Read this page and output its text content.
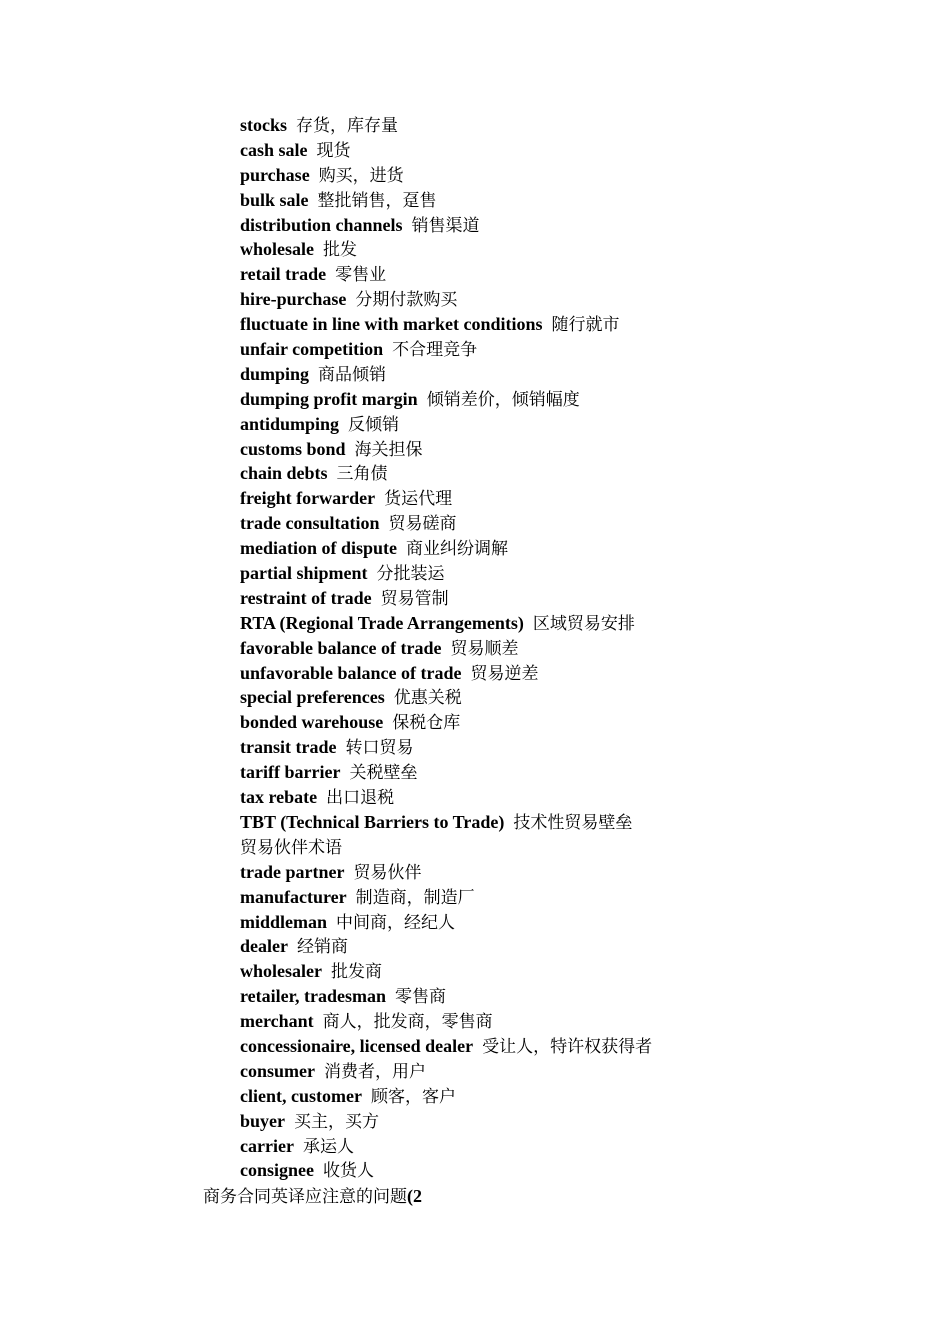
stocks 存货，库存量
cash sale 现货
purchase 购买，进货
bulk sale 整批销售，趸售
distribution channels 销售渠道
wholesale 批发
retail trade 零售业
hire-purchase 分期付款购买
fluctuate in line with market conditions 随行就市
unfair competition 不合理竞争
dumping 商品倾销
dumping profit margin 倾销差价，倾销幅度
antidumping 反倾销
customs bond 海关担保
chain debts 三角债
freight forwarder 货运代理
trade consultation 贸易磋商
mediation of dispute 商业纠纷调解
partial shipment 分批装运
restraint of trade 贸易管制
RTA (Regional Trade Arrangements) 区域贸易安排
favorable balance of trade 贸易顺差
unfavorable balance of trade 贸易逆差
special preferences 优惠关税
bonded warehouse 保税仓库
transit trade 转口贸易
tariff barrier 关税壁垒
tax rebate 出口退税
TBT (Technical Barriers to Trade) 技术性贸易壁垒
贸易伙伴术语
trade partner 贸易伙伴
manufacturer 制造商，制造厂
middleman 中间商，经纪人
dealer 经销商
wholesaler 批发商
retailer, tradesman 零售商
merchant 商人，批发商，零售商
concessionaire, licensed dealer 受让人，特许权获得者
consumer 消费者，用户
client, customer 顾客，客户
buyer 买主，买方
carrier 承运人
consignee 收货人
商务合同英译应注意的问题(2
